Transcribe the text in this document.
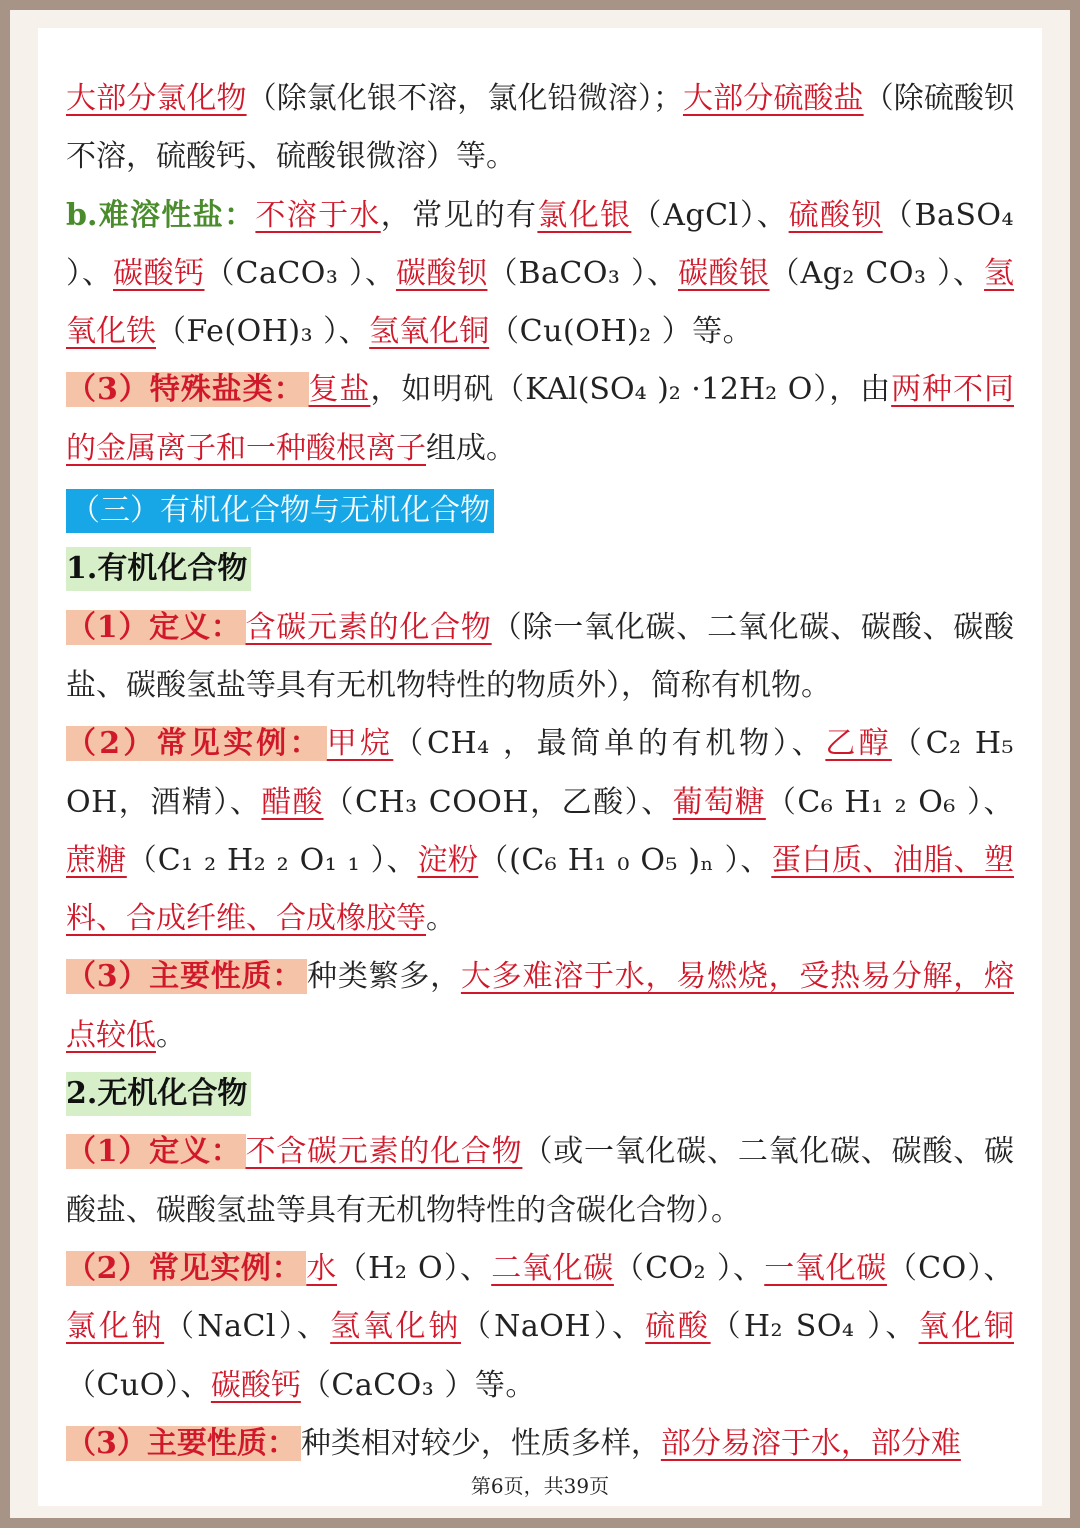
大部分氯化物（除氯化银不溶，氯化铅微溶）；大部分硫酸盐（除硫酸钡不溶，硫酸钙、硫酸银微溶）等。

b.难溶性盐：不溶于水，常见的有氯化银（AgCl）、硫酸钡（BaSO₄ ）、碳酸钙（CaCO₃ ）、碳酸钡（BaCO₃ ）、碳酸银（Ag₂ CO₃ ）、氢氧化铁（Fe(OH)₃ ）、氢氧化铜（Cu(OH)₂ ）等。

（3）特殊盐类： 复盐，如明矾（KAl(SO₄ )₂ ·12H₂ O），由两种不同的金属离子和一种酸根离子组成。

（三）有机化合物与无机化合物

1.有机化合物

（1）定义： 含碳元素的化合物（除一氧化碳、二氧化碳、碳酸、碳酸盐、碳酸氢盐等具有无机物特性的物质外），简称有机物。

（2）常见实例： 甲烷（CH₄ ，最简单的有机物）、乙醇（C₂ H₅ OH，酒精）、醋酸（CH₃ COOH，乙酸）、葡萄糖（C₆ H₁ ₂ O₆ ）、蔗糖（C₁ ₂ H₂ ₂ O₁ ₁ ）、淀粉（(C₆ H₁ ₀ O₅ )ₙ ）、蛋白质、油脂、塑料、合成纤维、合成橡胶等。

（3）主要性质： 种类繁多，大多难溶于水，易燃烧，受热易分解，熔点较低。

2.无机化合物

（1）定义： 不含碳元素的化合物（或一氧化碳、二氧化碳、碳酸、碳酸盐、碳酸氢盐等具有无机物特性的含碳化合物）。

（2）常见实例： 水（H₂ O）、二氧化碳（CO₂ ）、一氧化碳（CO）、氯化钠（NaCl）、氢氧化钠（NaOH）、硫酸（H₂ SO₄ ）、氧化铜（CuO）、碳酸钙（CaCO₃ ）等。

（3）主要性质： 种类相对较少，性质多样，部分易溶于水，部分难

第6页，共39页
